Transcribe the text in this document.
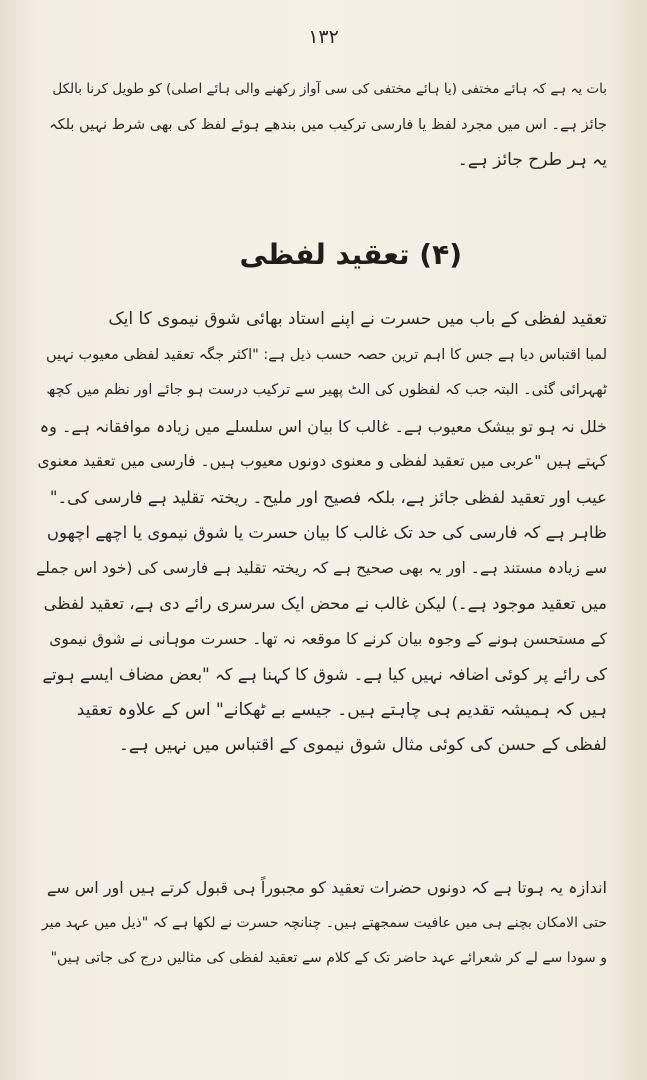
۱۳۲
بات یہ ہے کہ ہائے مختفی (یا ہائے مختفی کی سی آواز رکھنے والی ہائے اصلی) کو طویل کرنا بالکل
جائز ہے۔ اس میں مجرد لفظ یا فارسی ترکیب میں بندھے ہوئے لفظ کی بھی شرط نہیں بلکہ
یہ ہر طرح جائز ہے۔
(۴) تعقید لفظی
تعقید لفظی کے باب میں حسرت نے اپنے استاد بھائی شوق نیموی کا ایک
لمبا اقتباس دیا ہے جس کا اہم ترین حصہ حسب ذیل ہے: "اکثر جگہ تعقید لفظی معیوب نہیں
ٹھہرائی گئی۔ البتہ جب کہ لفظوں کی الٹ پھیر سے ترکیب درست ہو جائے اور نظم میں کچھ
خلل نہ ہو تو بیشک معیوب ہے۔ غالب کا بیان اس سلسلے میں زیادہ موافقانہ ہے۔ وہ
کہتے ہیں "عربی میں تعقید لفظی و معنوی دونوں معیوب ہیں۔ فارسی میں تعقید معنوی
عیب اور تعقید لفظی جائز ہے، بلکہ فصیح اور ملیح۔ ریختہ تقلید ہے فارسی کی۔"
ظاہر ہے کہ فارسی کی حد تک غالب کا بیان حسرت یا شوق نیموی یا اچھے اچھوں
سے زیادہ مستند ہے۔ اور یہ بھی صحیح ہے کہ ریختہ تقلید ہے فارسی کی (خود اس جملے
میں تعقید موجود ہے۔) لیکن غالب نے محض ایک سرسری رائے دی ہے، تعقید لفظی
کے مستحسن ہونے کے وجوہ بیان کرنے کا موقعہ نہ تھا۔ حسرت موہانی نے شوق نیموی
کی رائے پر کوئی اضافہ نہیں کیا ہے۔ شوق کا کہنا ہے کہ "بعض مضاف ایسے ہوتے
ہیں کہ ہمیشہ تقدیم ہی چاہتے ہیں۔ جیسے بے ٹھکانے" اس کے علاوہ تعقید
لفظی کے حسن کی کوئی مثال شوق نیموی کے اقتباس میں نہیں ہے۔
اندازہ یہ ہوتا ہے کہ دونوں حضرات تعقید کو مجبوراً ہی قبول کرتے ہیں اور اس سے
حتی الامکان بچنے ہی میں عافیت سمجھتے ہیں۔ چنانچہ حسرت نے لکھا ہے کہ "ذیل میں عہد میر
و سودا سے لے کر شعرائے عہد حاضر تک کے کلام سے تعقید لفظی کی مثالیں درج کی جاتی ہیں"
